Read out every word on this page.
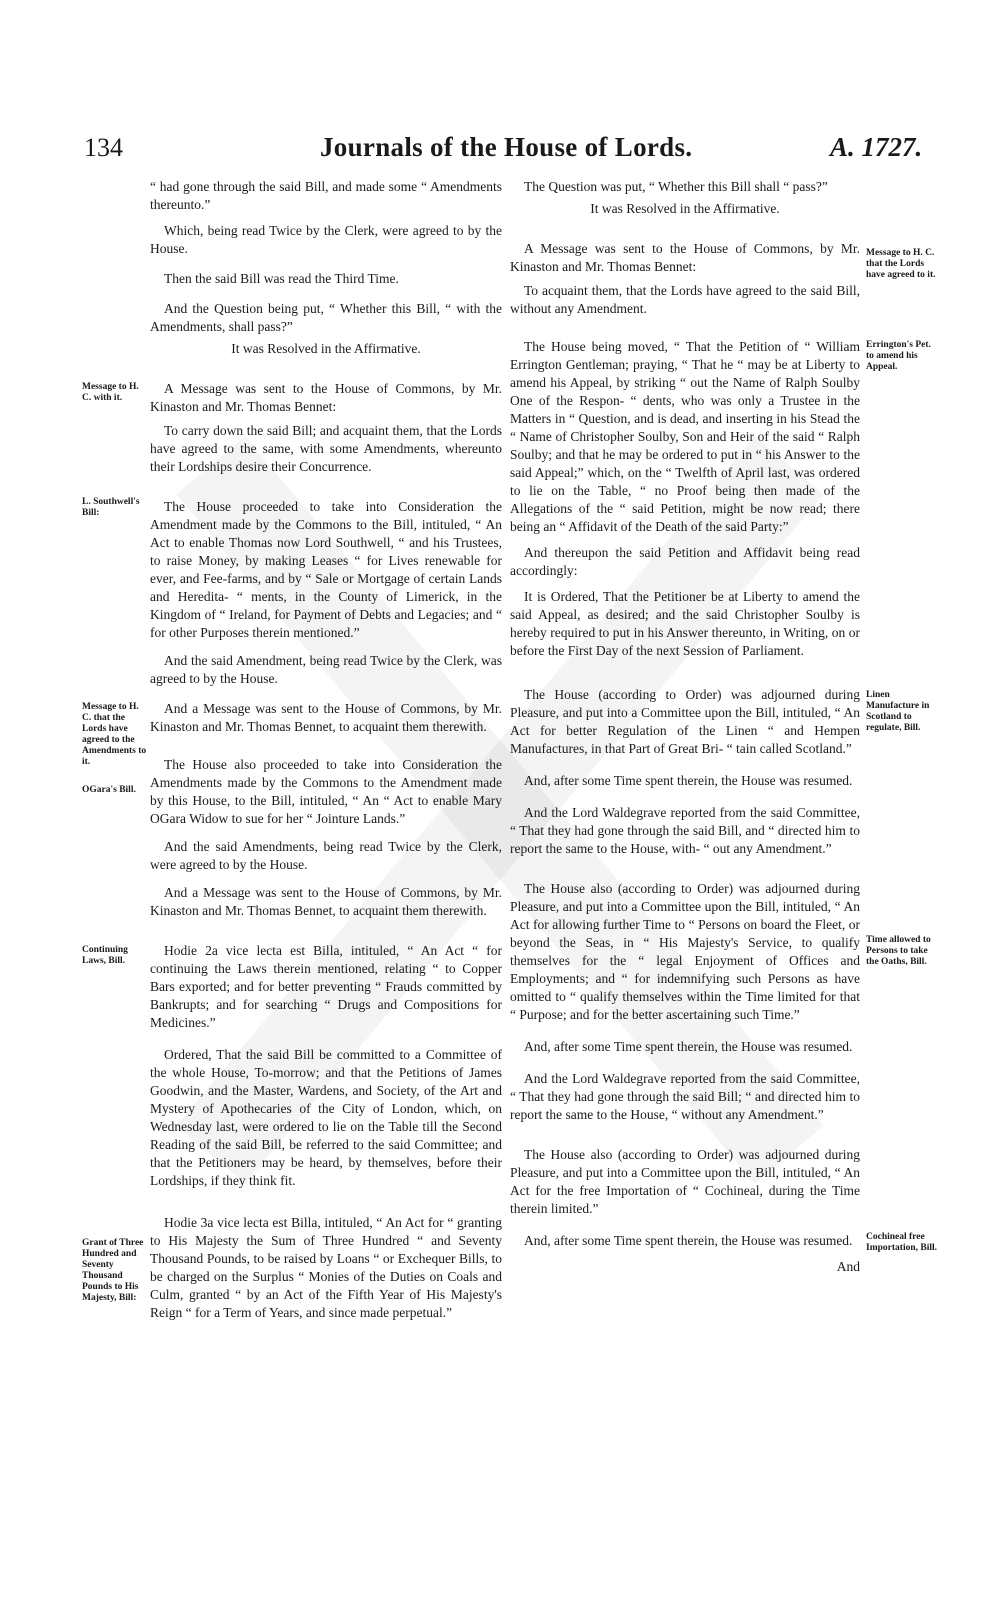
134	Journals of the House of Lords.	A. 1727.

“ had gone through the said Bill, and made some “ Amendments thereunto.”

Which, being read Twice by the Clerk, were agreed to by the House.

Then the said Bill was read the Third Time.

And the Question being put, “ Whether this Bill, “ with the Amendments, shall pass?”

It was Resolved in the Affirmative.

A Message was sent to the House of Commons, by Mr. Kinaston and Mr. Thomas Bennet:

To carry down the said Bill; and acquaint them, that the Lords have agreed to the same, with some Amendments, whereunto their Lordships desire their Concurrence.

The House proceeded to take into Consideration the Amendment made by the Commons to the Bill, intituled, “ An Act to enable Thomas now Lord Southwell, “ and his Trustees, to raise Money, by making Leases “ for Lives renewable for ever, and Fee-farms, and by “ Sale or Mortgage of certain Lands and Heredita- “ ments, in the County of Limerick, in the Kingdom of “ Ireland, for Payment of Debts and Legacies; and “ for other Purposes therein mentioned.”

And the said Amendment, being read Twice by the Clerk, was agreed to by the House.

And a Message was sent to the House of Commons, by Mr. Kinaston and Mr. Thomas Bennet, to acquaint them therewith.

The House also proceeded to take into Consideration the Amendments made by the Commons to the Amendment made by this House, to the Bill, intituled, “ An “ Act to enable Mary OGara Widow to sue for her “ Jointure Lands.”

And the said Amendments, being read Twice by the Clerk, were agreed to by the House.

And a Message was sent to the House of Commons, by Mr. Kinaston and Mr. Thomas Bennet, to acquaint them therewith.

Hodie 2a vice lecta est Billa, intituled, “ An Act “ for continuing the Laws therein mentioned, relating “ to Copper Bars exported; and for better preventing “ Frauds committed by Bankrupts; and for searching “ Drugs and Compositions for Medicines.”

Ordered, That the said Bill be committed to a Committee of the whole House, To-morrow; and that the Petitions of James Goodwin, and the Master, Wardens, and Society, of the Art and Mystery of Apothecaries of the City of London, which, on Wednesday last, were ordered to lie on the Table till the Second Reading of the said Bill, be referred to the said Committee; and that the Petitioners may be heard, by themselves, before their Lordships, if they think fit.

Hodie 3a vice lecta est Billa, intituled, “ An Act for “ granting to His Majesty the Sum of Three Hundred “ and Seventy Thousand Pounds, to be raised by Loans “ or Exchequer Bills, to be charged on the Surplus “ Monies of the Duties on Coals and Culm, granted “ by an Act of the Fifth Year of His Majesty's Reign “ for a Term of Years, and since made perpetual.”

The Question was put, “ Whether this Bill shall “ pass?”

It was Resolved in the Affirmative.

A Message was sent to the House of Commons, by Mr. Kinaston and Mr. Thomas Bennet:

To acquaint them, that the Lords have agreed to the said Bill, without any Amendment.

The House being moved, “ That the Petition of “ William Errington Gentleman; praying, “ That he “ may be at Liberty to amend his Appeal, by striking “ out the Name of Ralph Soulby One of the Respon- “ dents, who was only a Trustee in the Matters in “ Question, and is dead, and inserting in his Stead the “ Name of Christopher Soulby, Son and Heir of the said “ Ralph Soulby; and that he may be ordered to put in “ his Answer to the said Appeal;” which, on the “ Twelfth of April last, was ordered to lie on the Table, “ no Proof being then made of the Allegations of the “ said Petition, might be now read; there being an “ Affidavit of the Death of the said Party:”

And thereupon the said Petition and Affidavit being read accordingly:

It is Ordered, That the Petitioner be at Liberty to amend the said Appeal, as desired; and the said Christopher Soulby is hereby required to put in his Answer thereunto, in Writing, on or before the First Day of the next Session of Parliament.

The House (according to Order) was adjourned during Pleasure, and put into a Committee upon the Bill, intituled, “ An Act for better Regulation of the Linen “ and Hempen Manufactures, in that Part of Great Bri- “ tain called Scotland.”

And, after some Time spent therein, the House was resumed.

And the Lord Waldegrave reported from the said Committee, “ That they had gone through the said Bill, and “ directed him to report the same to the House, with- “ out any Amendment.”

The House also (according to Order) was adjourned during Pleasure, and put into a Committee upon the Bill, intituled, “ An Act for allowing further Time to “ Persons on board the Fleet, or beyond the Seas, in “ His Majesty's Service, to qualify themselves for the “ legal Enjoyment of Offices and Employments; and “ for indemnifying such Persons as have omitted to “ qualify themselves within the Time limited for that “ Purpose; and for the better ascertaining such Time.”

And, after some Time spent therein, the House was resumed.

And the Lord Waldegrave reported from the said Committee, “ That they had gone through the said Bill; “ and directed him to report the same to the House, “ without any Amendment.”

The House also (according to Order) was adjourned during Pleasure, and put into a Committee upon the Bill, intituled, “ An Act for the free Importation of “ Cochineal, during the Time therein limited.”

And, after some Time spent therein, the House was resumed.

And

Message to H. C. with it.
L. Southwell's Bill:
Message to H. C. that the Lords have agreed to the Amendments to it.
OGara's Bill.
Continuing Laws, Bill.
Grant of Three Hundred and Seventy Thousand Pounds to His Majesty, Bill:
Message to H. C. that the Lords have agreed to it.
Errington's Pet. to amend his Appeal.
Linen Manufacture in Scotland to regulate, Bill.
Time allowed to Persons to take the Oaths, Bill.
Cochineal free Importation, Bill.
